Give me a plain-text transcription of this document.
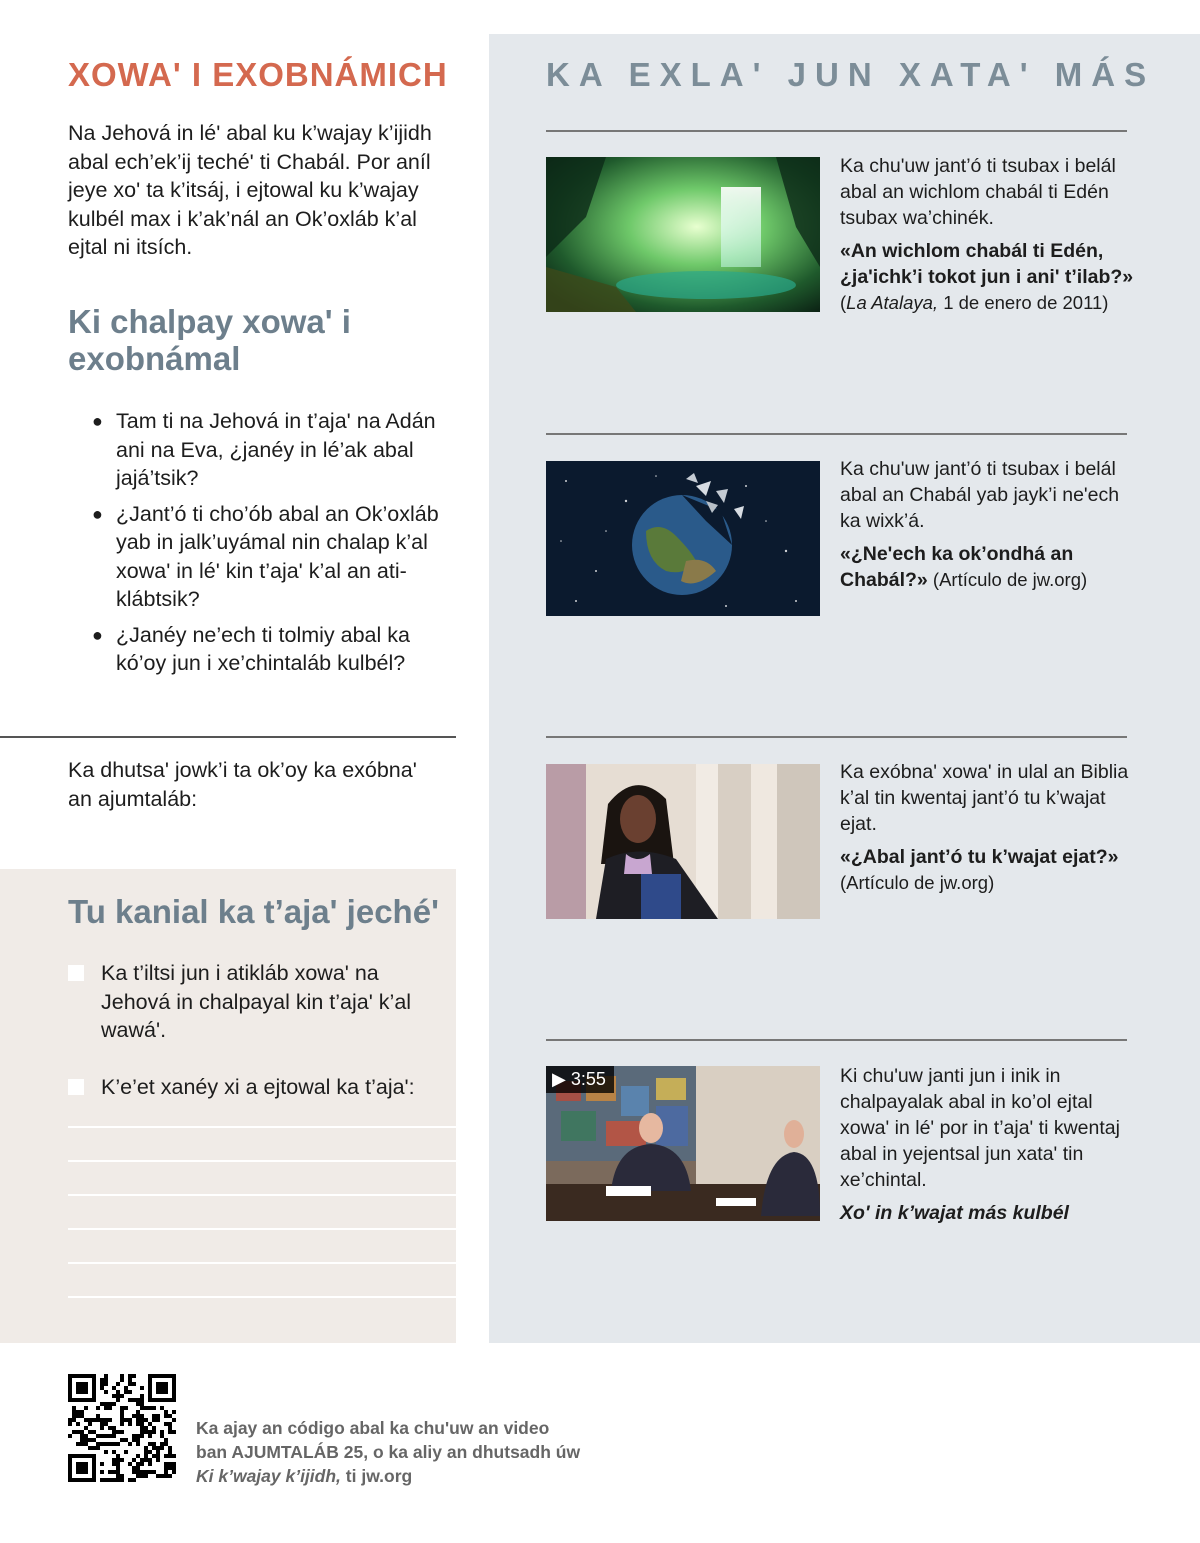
XOWA' I EXOBNÁMICH

Na Jehová in lé' abal ku k’wajay k’ijidh abal ech’ek’ij teché' ti Chabál. Por aníl jeye xo' ta k’itsáj, i ejtowal ku k’wajay kulbél max i k’ak’nál an Ok’oxláb k’al ejtal ni itsích.

Ki chalpay xowa' i exobnámal
● Tam ti na Jehová in t’aja' na Adán ani na Eva, ¿janéy in lé’ak abal jajá’tsik?
● ¿Jant’ó ti cho’ób abal an Ok’oxláb yab in jalk’uyámal nin chalap k’al xowa' in lé' kin t’aja' k’al an ati-klábtsik?
● ¿Janéy ne’ech ti tolmiy abal ka kó’oy jun i xe’chintaláb kulbél?

Ka dhutsa' jowk’i ta ok’oy ka exóbna' an ajumtaláb:

Tu kanial ka t’aja' jeché'
Ka t’iltsi jun i atikláb xowa' na Jehová in chalpayal kin t’aja' k’al wawá'.
K’e’et xanéy xi a ejtowal ka t’aja':
KA EXLA' JUN XATA' MÁS
Ka chu'uw jant’ó ti tsubax i belál abal an wichlom chabál ti Edén tsubax wa’chinék.
«An wichlom chabál ti Edén, ¿ja'ichk’i tokot jun i ani' t’ilab?» (La Atalaya, 1 de enero de 2011)
Ka chu'uw jant’ó ti tsubax i belál abal an Chabál yab jayk’i ne'ech ka wixk’á.
«¿Ne'ech ka ok’ondhá an Chabál?» (Artículo de jw.org)
Ka exóbna' xowa' in ulal an Biblia k’al tin kwentaj jant’ó tu k’wajat ejat.
«¿Abal jant’ó tu k’wajat ejat?» (Artículo de jw.org)
▶ 3:55	Ki chu'uw janti jun i inik in chalpayalak abal in ko’ol ejtal xowa' in lé' por in t’aja' ti kwentaj abal in yejentsal jun xata' tin xe’chintal.
Xo' in k’wajat más kulbél
Ka ajay an código abal ka chu'uw an video
ban AJUMTALÁB 25, o ka aliy an dhutsadh úw
Ki k’wajay k’ijidh, ti jw.org
